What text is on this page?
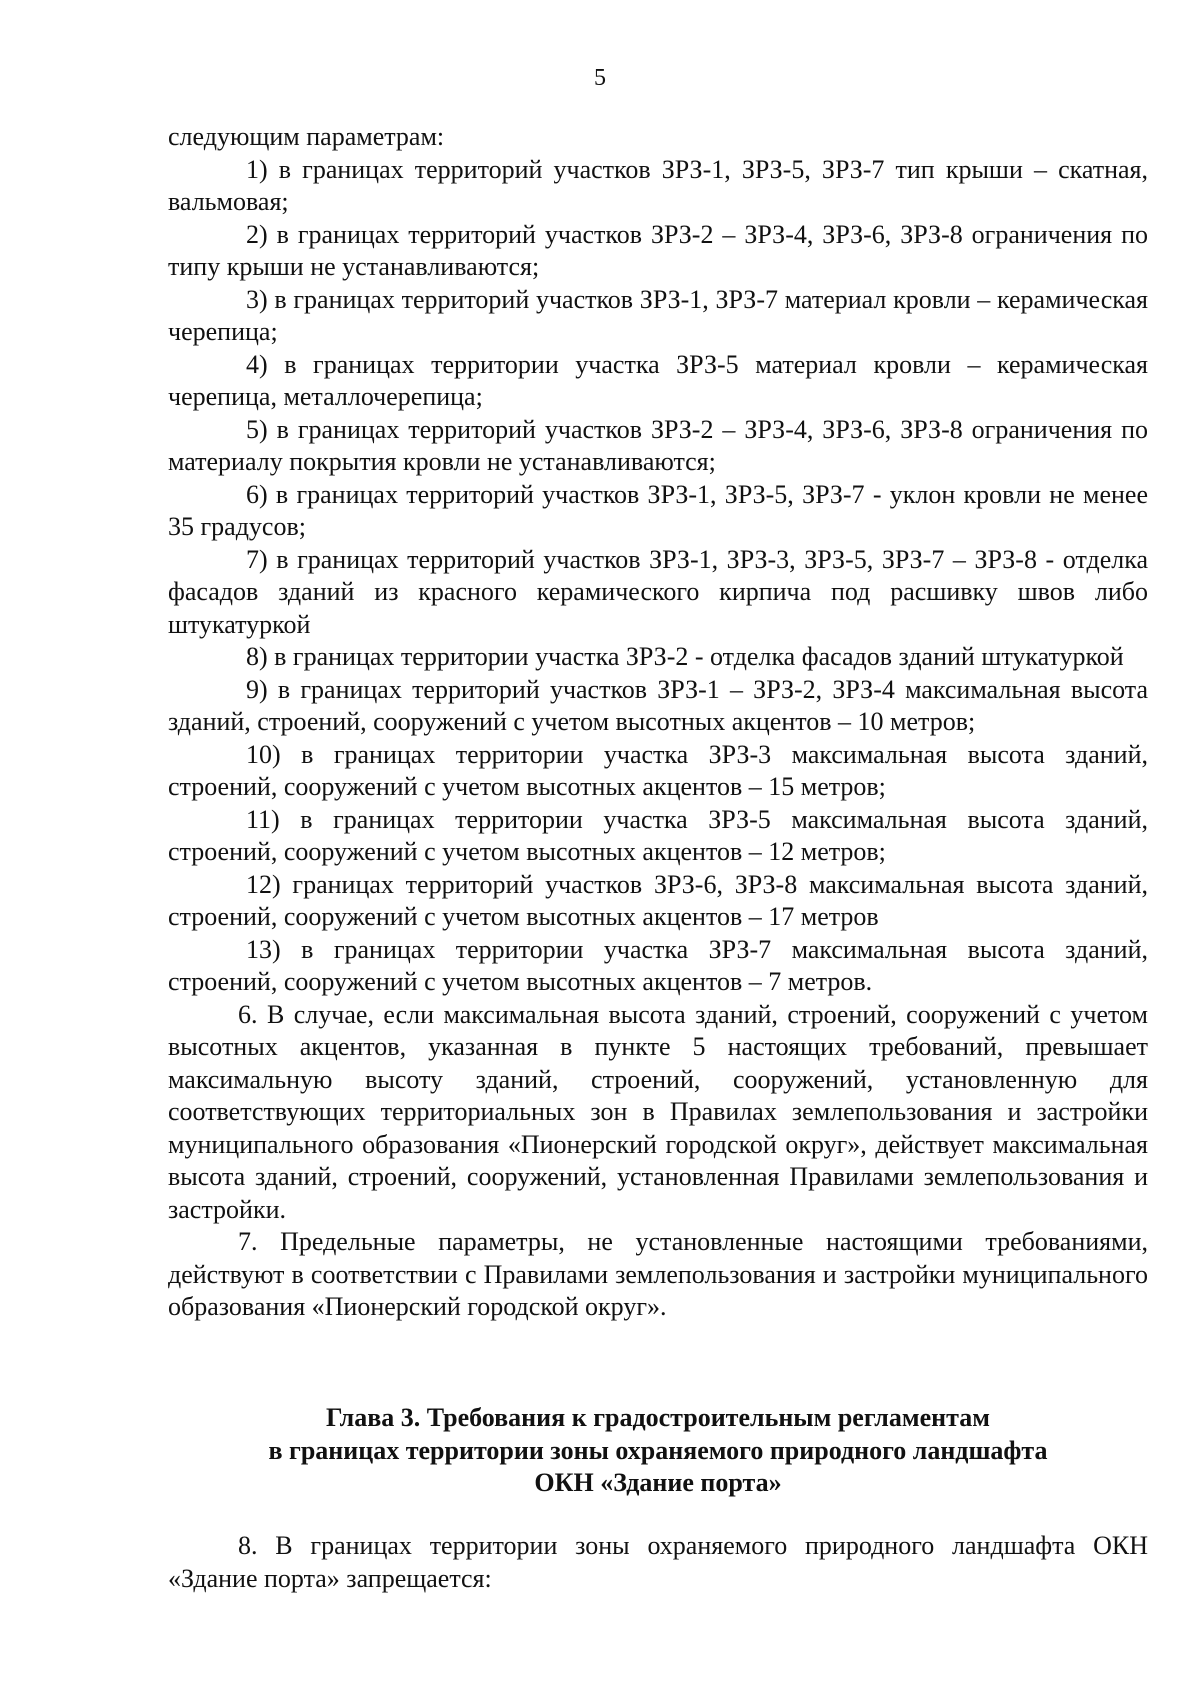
5

следующим параметрам:

1) в границах территорий участков ЗРЗ-1, ЗРЗ-5, ЗРЗ-7 тип крыши – скатная, вальмовая;

2) в границах территорий участков ЗРЗ-2 – ЗРЗ-4, ЗРЗ-6, ЗРЗ-8 ограничения по типу крыши не устанавливаются;

3) в границах территорий участков ЗРЗ-1, ЗРЗ-7 материал кровли – керамическая черепица;

4) в границах территории участка ЗРЗ-5 материал кровли – керамическая черепица, металлочерепица;

5) в границах территорий участков ЗРЗ-2 – ЗРЗ-4, ЗРЗ-6, ЗРЗ-8 ограничения по материалу покрытия кровли не устанавливаются;

6) в границах территорий участков ЗРЗ-1, ЗРЗ-5, ЗРЗ-7 - уклон кровли не менее 35 градусов;

7) в границах территорий участков ЗРЗ-1, ЗРЗ-3, ЗРЗ-5, ЗРЗ-7 – ЗРЗ-8 - отделка фасадов зданий из красного керамического кирпича под расшивку швов либо штукатуркой

8) в границах территории участка ЗРЗ-2 - отделка фасадов зданий штукатуркой

9) в границах территорий участков ЗРЗ-1 – ЗРЗ-2, ЗРЗ-4 максимальная высота зданий, строений, сооружений с учетом высотных акцентов – 10 метров;

10) в границах территории участка ЗРЗ-3 максимальная высота зданий, строений, сооружений с учетом высотных акцентов – 15 метров;

11) в границах территории участка ЗРЗ-5 максимальная высота зданий, строений, сооружений с учетом высотных акцентов – 12 метров;

12) границах территорий участков ЗРЗ-6, ЗРЗ-8 максимальная высота зданий, строений, сооружений с учетом высотных акцентов – 17 метров

13) в границах территории участка ЗРЗ-7 максимальная высота зданий, строений, сооружений с учетом высотных акцентов – 7 метров.

6. В случае, если максимальная высота зданий, строений, сооружений с учетом высотных акцентов, указанная в пункте 5 настоящих требований, превышает максимальную высоту зданий, строений, сооружений, установленную для соответствующих территориальных зон в Правилах землепользования и застройки муниципального образования «Пионерский городской округ», действует максимальная высота зданий, строений, сооружений, установленная Правилами землепользования и застройки.

7. Предельные параметры, не установленные настоящими требованиями, действуют в соответствии с Правилами землепользования и застройки муниципального образования «Пионерский городской округ».

Глава 3. Требования к градостроительным регламентам
в границах территории зоны охраняемого природного ландшафта
ОКН «Здание порта»

8. В границах территории зоны охраняемого природного ландшафта ОКН «Здание порта» запрещается:
